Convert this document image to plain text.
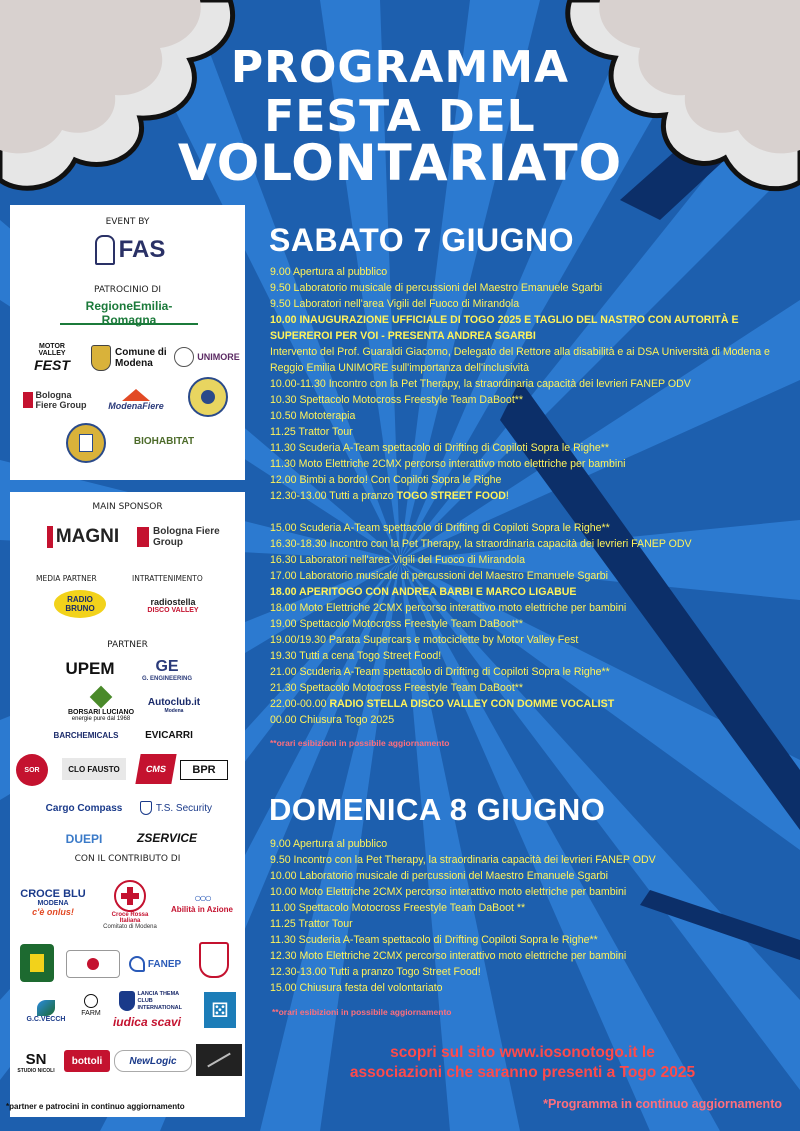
PROGRAMMA
FESTA DEL
VOLONTARIATO
EVENT BY
FAS
PATROCINIO DI
RegioneEmilia-Romagna
MOTOR VALLEY
FEST
Comune di Modena
UNIMORE
Bologna Fiere Group	ModenaFiere
BIOHABITAT
MAIN SPONSOR
MAGNI	Bologna Fiere Group
MEDIA PARTNER	INTRATTENIMENTO
RADIO BRUNO
radiostella
DISCO VALLEY
PARTNER
UPEM	GE
G. ENGINEERING
BORSARI LUCIANO
energie pure dal 1968
Autoclub.it
Modena
BARCHEMICALS	EVICARRI
SOR	CLO FAUSTO	CMS BPR
Cargo Compass	T.S. Security
DUEPI	ZSERVICE
CON IL CONTRIBUTO DI
CROCE BLU
MODENA
c'è onlus!	Croce Rossa Italiana
Comitato di Modena
○○○
Abilità in Azione
FANEP
G.C.VECCH
FARM
LANCIA THEMA CLUB INTERNATIONAL	⚄
iudica scavi
SN
STUDIO NICOLI
bottoli	NewLogic
*partner e patrocini in continuo aggiornamento
SABATO 7 GIUGNO
9.00 Apertura al pubblico
9.50 Laboratorio musicale di percussioni del Maestro Emanuele Sgarbi
9.50 Laboratori nell'area Vigili del Fuoco di Mirandola
10.00 INAUGURAZIONE UFFICIALE DI TOGO 2025 E TAGLIO DEL NASTRO CON AUTORITÀ E SUPEREROI PER VOI - PRESENTA ANDREA SGARBI
Intervento del Prof. Guaraldi Giacomo, Delegato del Rettore alla disabilità e ai DSA Università di Modena e Reggio Emilia UNIMORE sull'importanza dell'inclusività
10.00-11.30 Incontro con la Pet Therapy, la straordinaria capacità dei levrieri FANEP ODV
10.30 Spettacolo Motocross Freestyle Team DaBoot**
10.50 Mototerapia
11.25 Trattor Tour
11.30 Scuderia A-Team spettacolo di Drifting di Copiloti Sopra le Righe**
11.30 Moto Elettriche 2CMX percorso interattivo moto elettriche per bambini
12.00 Bimbi a bordo! Con Copiloti Sopra le Righe
12.30-13.00 Tutti a pranzo TOGO STREET FOOD!
15.00 Scuderia A-Team spettacolo di Drifting di Copiloti Sopra le Righe**
16.30-18.30 Incontro con la Pet Therapy, la straordinaria capacità dei levrieri FANEP ODV
16.30 Laboratori nell'area Vigili del Fuoco di Mirandola
17.00 Laboratorio musicale di percussioni del Maestro Emanuele Sgarbi
18.00 APERITOGO CON ANDREA BARBI E MARCO LIGABUE
18.00 Moto Elettriche 2CMX percorso interattivo moto elettriche per bambini
19.00 Spettacolo Motocross Freestyle Team DaBoot**
19.00/19.30 Parata Supercars e motociclette by Motor Valley Fest
19.30 Tutti a cena Togo Street Food!
21.00 Scuderia A-Team spettacolo di Drifting di Copiloti Sopra le Righe**
21.30 Spettacolo Motocross Freestyle Team DaBoot**
22.00-00.00 RADIO STELLA DISCO VALLEY CON DOMME VOCALIST
00.00 Chiusura Togo 2025
**orari esibizioni in possibile aggiornamento
DOMENICA 8 GIUGNO
9.00 Apertura al pubblico
9.50 Incontro con la Pet Therapy, la straordinaria capacità dei levrieri FANEP ODV
10.00 Laboratorio musicale di percussioni del Maestro Emanuele Sgarbi
10.00 Moto Elettriche 2CMX percorso interattivo moto elettriche per bambini
11.00 Spettacolo Motocross Freestyle Team DaBoot **
11.25 Trattor Tour
11.30 Scuderia A-Team spettacolo di Drifting Copiloti Sopra le Righe**
12.30 Moto Elettriche 2CMX percorso interattivo moto elettriche per bambini
12.30-13.00 Tutti a pranzo Togo Street Food!
15.00 Chiusura festa del volontariato
**orari esibizioni in possibile aggiornamento
scopri sul sito www.iosonotogo.it le
associazioni che saranno presenti a Togo 2025
*Programma in continuo aggiornamento
